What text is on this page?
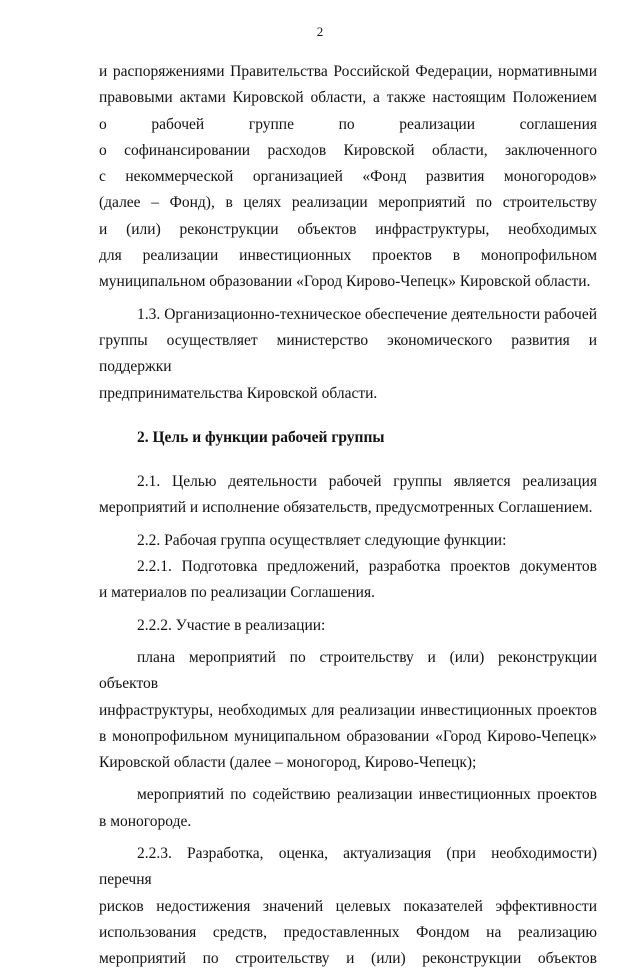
2

и распоряжениями Правительства Российской Федерации, нормативными

правовыми актами Кировской области, а также настоящим Положением

о рабочей группе по реализации соглашения

о софинансировании расходов Кировской области, заключенного

с некоммерческой организацией «Фонд развития моногородов»

(далее – Фонд), в целях реализации мероприятий по строительству

и (или) реконструкции объектов инфраструктуры, необходимых

для реализации инвестиционных проектов в монопрофильном

муниципальном образовании «Город Кирово-Чепецк» Кировской области.

1.3. Организационно-техническое обеспечение деятельности рабочей

группы осуществляет министерство экономического развития и поддержки

предпринимательства Кировской области.

2. Цель и функции рабочей группы

2.1. Целью деятельности рабочей группы является реализация

мероприятий и исполнение обязательств, предусмотренных Соглашением.

2.2. Рабочая группа осуществляет следующие функции:

2.2.1. Подготовка предложений, разработка проектов документов

и материалов по реализации Соглашения.

2.2.2. Участие в реализации:

плана мероприятий по строительству и (или) реконструкции объектов

инфраструктуры, необходимых для реализации инвестиционных проектов

в монопрофильном муниципальном образовании «Город Кирово-Чепецк»

Кировской области (далее – моногород, Кирово-Чепецк);

мероприятий по содействию реализации инвестиционных проектов

в моногороде.

2.2.3. Разработка, оценка, актуализация (при необходимости) перечня

рисков недостижения значений целевых показателей эффективности

использования средств, предоставленных Фондом на реализацию

мероприятий по строительству и (или) реконструкции объектов
